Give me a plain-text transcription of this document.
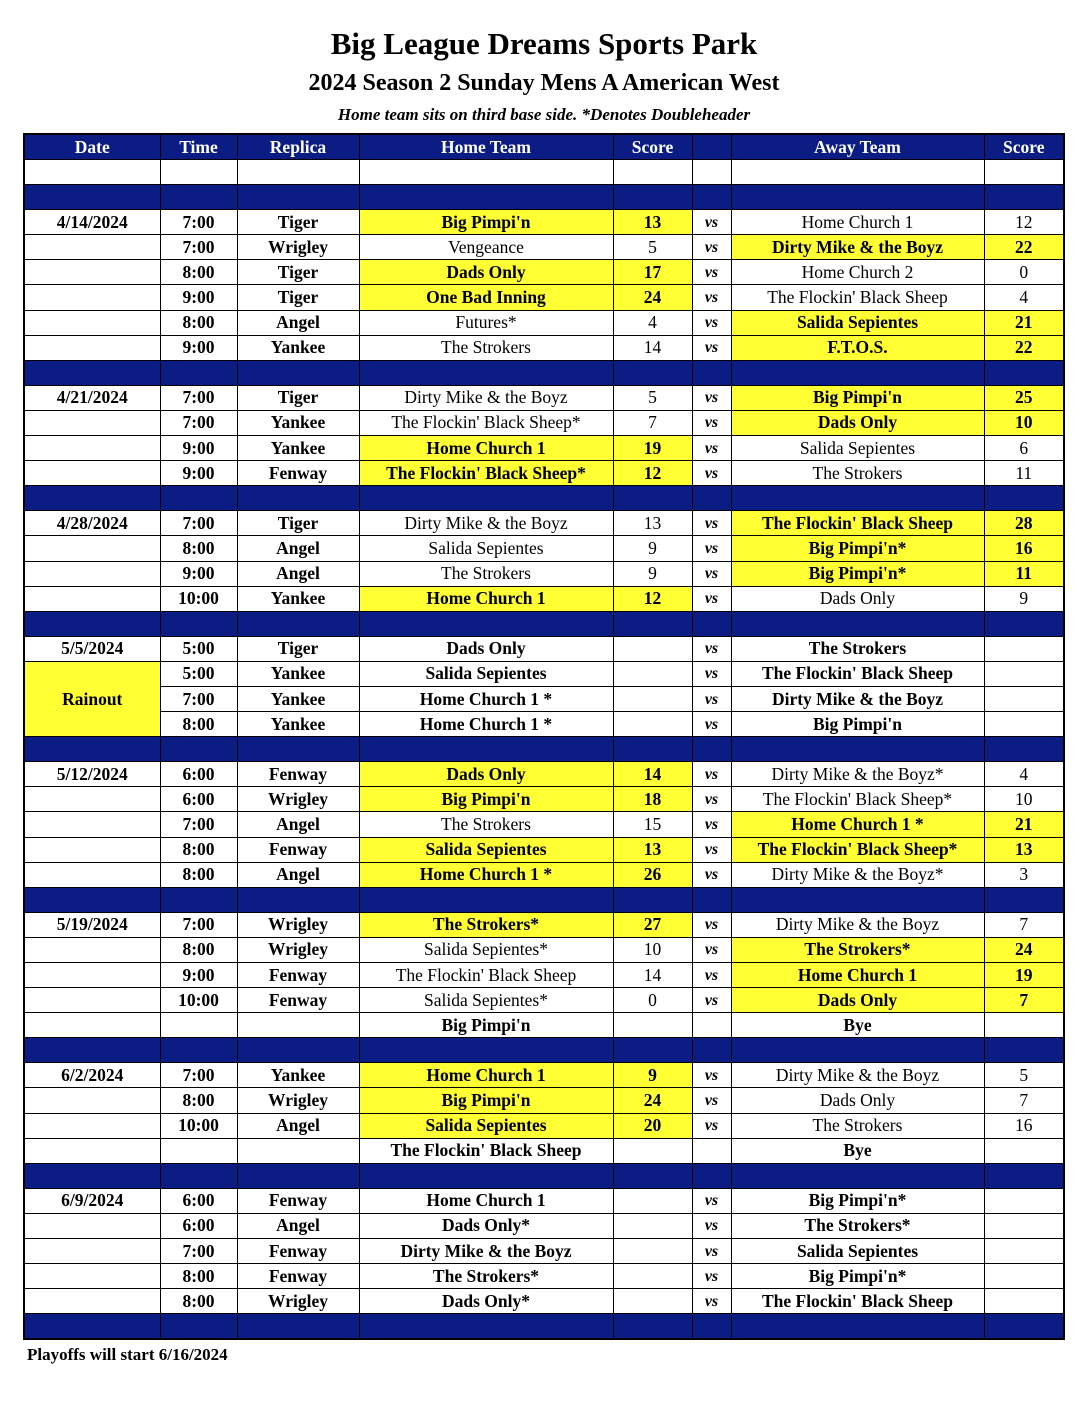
Big League Dreams Sports Park
2024 Season 2 Sunday Mens A American West
Home team sits on third base side. *Denotes Doubleheader
Date	Time	Replica	Home Team	Score		Away Team	Score

4/14/2024	7:00	Tiger	Big Pimpi'n	13	vs	Home Church 1	12
	7:00	Wrigley	Vengeance	5	vs	Dirty Mike & the Boyz	22
	8:00	Tiger	Dads Only	17	vs	Home Church 2	0
	9:00	Tiger	One Bad Inning	24	vs	The Flockin' Black Sheep	4
	8:00	Angel	Futures*	4	vs	Salida Sepientes	21
	9:00	Yankee	The Strokers	14	vs	F.T.O.S.	22

4/21/2024	7:00	Tiger	Dirty Mike & the Boyz	5	vs	Big Pimpi'n	25
	7:00	Yankee	The Flockin' Black Sheep*	7	vs	Dads Only	10
	9:00	Yankee	Home Church 1	19	vs	Salida Sepientes	6
	9:00	Fenway	The Flockin' Black Sheep*	12	vs	The Strokers	11

4/28/2024	7:00	Tiger	Dirty Mike & the Boyz	13	vs	The Flockin' Black Sheep	28
	8:00	Angel	Salida Sepientes	9	vs	Big Pimpi'n*	16
	9:00	Angel	The Strokers	9	vs	Big Pimpi'n*	11
	10:00	Yankee	Home Church 1	12	vs	Dads Only	9

5/5/2024	5:00	Tiger	Dads Only		vs	The Strokers	
Rainout	5:00	Yankee	Salida Sepientes		vs	The Flockin' Black Sheep	
	7:00	Yankee	Home Church 1 *		vs	Dirty Mike & the Boyz	
	8:00	Yankee	Home Church 1 *		vs	Big Pimpi'n	

5/12/2024	6:00	Fenway	Dads Only	14	vs	Dirty Mike & the Boyz*	4
	6:00	Wrigley	Big Pimpi'n	18	vs	The Flockin' Black Sheep*	10
	7:00	Angel	The Strokers	15	vs	Home Church 1 *	21
	8:00	Fenway	Salida Sepientes	13	vs	The Flockin' Black Sheep*	13
	8:00	Angel	Home Church 1 *	26	vs	Dirty Mike & the Boyz*	3

5/19/2024	7:00	Wrigley	The Strokers*	27	vs	Dirty Mike & the Boyz	7
	8:00	Wrigley	Salida Sepientes*	10	vs	The Strokers*	24
	9:00	Fenway	The Flockin' Black Sheep	14	vs	Home Church 1	19
	10:00	Fenway	Salida Sepientes*	0	vs	Dads Only	7
			Big Pimpi'n			Bye	

6/2/2024	7:00	Yankee	Home Church 1	9	vs	Dirty Mike & the Boyz	5
	8:00	Wrigley	Big Pimpi'n	24	vs	Dads Only	7
	10:00	Angel	Salida Sepientes	20	vs	The Strokers	16
			The Flockin' Black Sheep			Bye	

6/9/2024	6:00	Fenway	Home Church 1		vs	Big Pimpi'n*	
	6:00	Angel	Dads Only*		vs	The Strokers*	
	7:00	Fenway	Dirty Mike & the Boyz		vs	Salida Sepientes	
	8:00	Fenway	The Strokers*		vs	Big Pimpi'n*	
	8:00	Wrigley	Dads Only*		vs	The Flockin' Black Sheep	

Playoffs will start 6/16/2024
